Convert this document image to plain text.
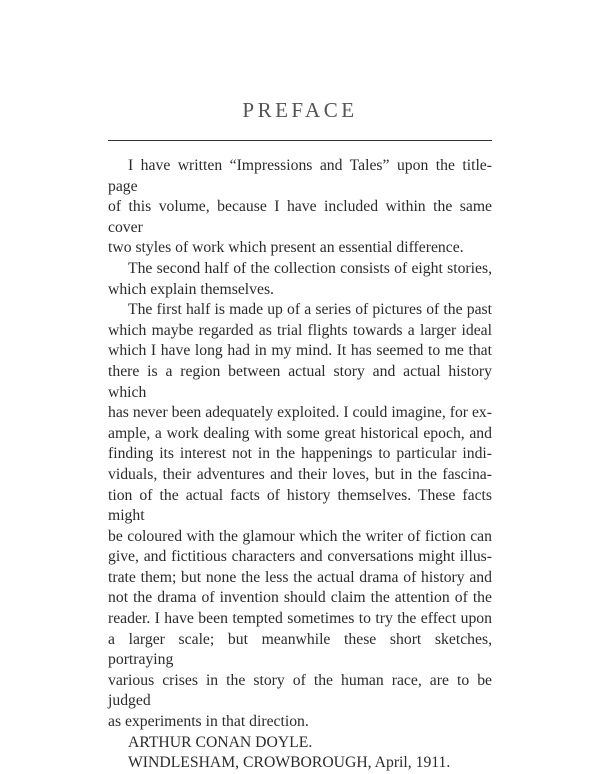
PREFACE
I have written “Impressions and Tales” upon the title-page
of this volume, because I have included within the same cover
two styles of work which present an essential difference.
The second half of the collection consists of eight stories,
which explain themselves.
The first half is made up of a series of pictures of the past
which maybe regarded as trial flights towards a larger ideal
which I have long had in my mind. It has seemed to me that
there is a region between actual story and actual history which
has never been adequately exploited. I could imagine, for ex-
ample, a work dealing with some great historical epoch, and
finding its interest not in the happenings to particular indi-
viduals, their adventures and their loves, but in the fascina-
tion of the actual facts of history themselves. These facts might
be coloured with the glamour which the writer of fiction can
give, and fictitious characters and conversations might illus-
trate them; but none the less the actual drama of history and
not the drama of invention should claim the attention of the
reader. I have been tempted sometimes to try the effect upon
a larger scale; but meanwhile these short sketches, portraying
various crises in the story of the human race, are to be judged
as experiments in that direction.

ARTHUR CONAN DOYLE.

WINDLESHAM, CROWBOROUGH, April, 1911.
